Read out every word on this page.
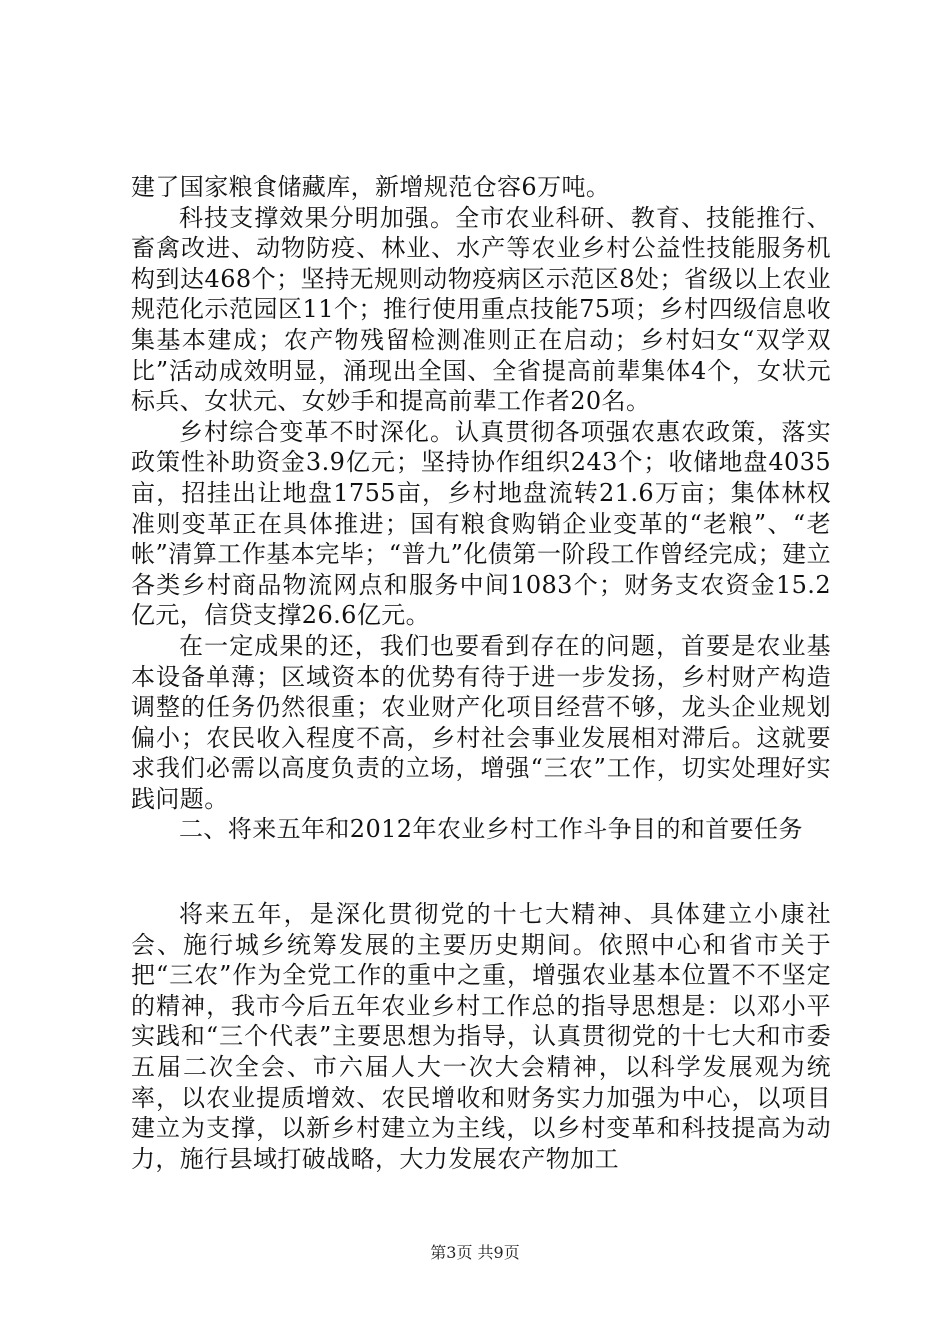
建了国家粮食储藏库，新增规范仓容6万吨。

科技支撑效果分明加强。全市农业科研、教育、技能推行、畜禽改进、动物防疫、林业、水产等农业乡村公益性技能服务机构到达468个；坚持无规则动物疫病区示范区8处；省级以上农业规范化示范园区11个；推行使用重点技能75项；乡村四级信息收集基本建成；农产物残留检测准则正在启动；乡村妇女“双学双比”活动成效明显，涌现出全国、全省提高前辈集体4个，女状元标兵、女状元、女妙手和提高前辈工作者20名。

乡村综合变革不时深化。认真贯彻各项强农惠农政策，落实政策性补助资金3.9亿元；坚持协作组织243个；收储地盘4035亩，招挂出让地盘1755亩，乡村地盘流转21.6万亩；集体林权准则变革正在具体推进；国有粮食购销企业变革的“老粮”、“老帐”清算工作基本完毕；“普九”化债第一阶段工作曾经完成；建立各类乡村商品物流网点和服务中间1083个；财务支农资金15.2亿元，信贷支撑26.6亿元。

在一定成果的还，我们也要看到存在的问题，首要是农业基本设备单薄；区域资本的优势有待于进一步发扬，乡村财产构造调整的任务仍然很重；农业财产化项目经营不够，龙头企业规划偏小；农民收入程度不高，乡村社会事业发展相对滞后。这就要求我们必需以高度负责的立场，增强“三农”工作，切实处理好实践问题。

二、将来五年和2012年农业乡村工作斗争目的和首要任务

将来五年，是深化贯彻党的十七大精神、具体建立小康社会、施行城乡统筹发展的主要历史期间。依照中心和省市关于把“三农”作为全党工作的重中之重，增强农业基本位置不不坚定的精神，我市今后五年农业乡村工作总的指导思想是：以邓小平实践和“三个代表”主要思想为指导，认真贯彻党的十七大和市委五届二次全会、市六届人大一次大会精神，以科学发展观为统率，以农业提质增效、农民增收和财务实力加强为中心，以项目建立为支撑，以新乡村建立为主线，以乡村变革和科技提高为动力，施行县域打破战略，大力发展农产物加工

第3页 共9页
